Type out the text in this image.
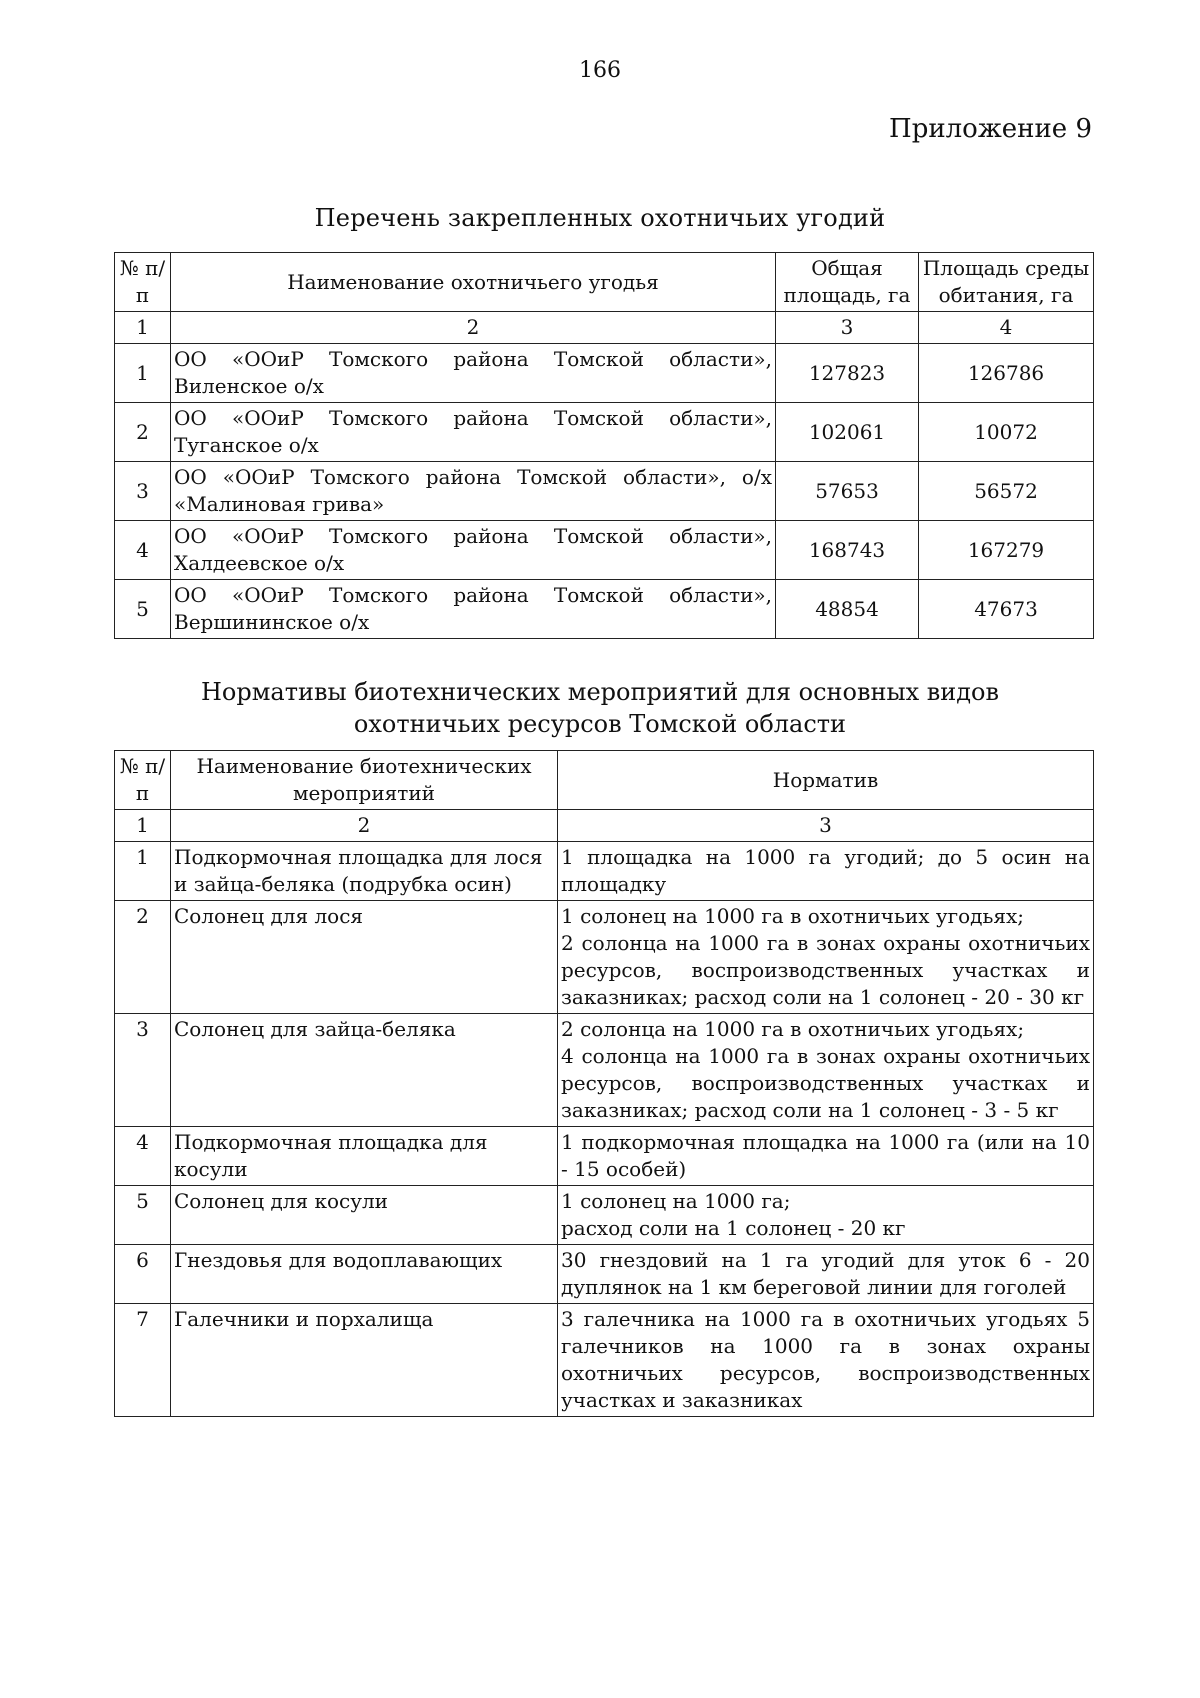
166
Приложение 9
Перечень закрепленных охотничьих угодий
№ п/п	Наименование охотничьего угодья	Общая площадь, га	Площадь среды обитания, га
1	2	3	4
1	ОО «ООиР Томского района Томской области», Виленское о/х	127823	126786
2	ОО «ООиР Томского района Томской области», Туганское о/х	102061	10072
3	ОО «ООиР Томского района Томской области», о/х «Малиновая грива»	57653	56572
4	ОО «ООиР Томского района Томской области», Халдеевское о/х	168743	167279
5	ОО «ООиР Томского района Томской области», Вершининское о/х	48854	47673
Нормативы биотехнических мероприятий для основных видов
охотничьих ресурсов Томской области
№ п/п	Наименование биотехнических мероприятий	Норматив
1	2	3
1	Подкормочная площадка для лося и зайца-беляка (подрубка осин)	1 площадка на 1000 га угодий; до 5 осин на площадку

2	Солонец для лося	1 солонец на 1000 га в охотничьих угодьях;
2 солонца на 1000 га в зонах охраны охотничьих ресурсов, воспроизводственных участках и заказниках; расход соли на 1 солонец - 20 - 30 кг

3	Солонец для зайца-беляка	2 солонца на 1000 га в охотничьих угодьях;
4 солонца на 1000 га в зонах охраны охотничьих ресурсов, воспроизводственных участках и заказниках; расход соли на 1 солонец - 3 - 5 кг

4	Подкормочная площадка для косули	1 подкормочная площадка на 1000 га (или на 10 - 15 особей)

5	Солонец для косули	1 солонец на 1000 га;
расход соли на 1 солонец - 20 кг

6	Гнездовья для водоплавающих	30 гнездовий на 1 га угодий для уток 6 - 20 дуплянок на 1 км береговой линии для гоголей

7	Галечники и порхалища	3 галечника на 1000 га в охотничьих угодьях 5 галечников на 1000 га в зонах охраны охотничьих ресурсов, воспроизводственных участках и заказниках
